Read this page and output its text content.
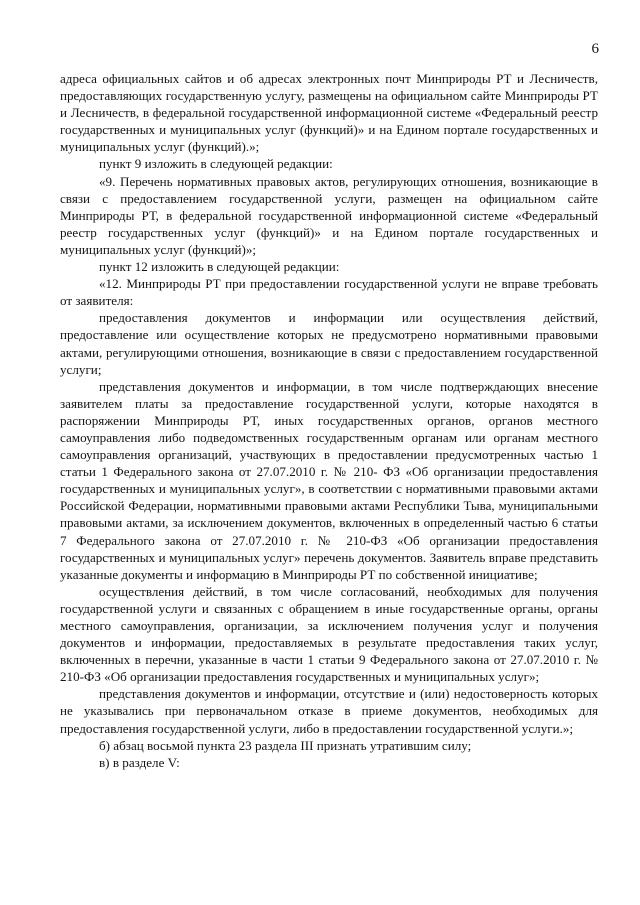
6

адреса официальных сайтов и об адресах электронных почт Минприроды РТ и Лесничеств, предоставляющих государственную услугу, размещены на официальном сайте Минприроды РТ и Лесничеств, в федеральной государственной информационной системе «Федеральный реестр государственных и муниципальных услуг (функций)» и на Едином портале государственных и муниципальных услуг (функций).»;

пункт 9 изложить в следующей редакции:

«9. Перечень нормативных правовых актов, регулирующих отношения, возникающие в связи с предоставлением государственной услуги, размещен на официальном сайте Минприроды РТ, в федеральной государственной информационной системе «Федеральный реестр государственных услуг (функций)» и на Едином портале государственных и муниципальных услуг (функций)»;

пункт 12 изложить в следующей редакции:

«12. Минприроды РТ при предоставлении государственной услуги не вправе требовать от заявителя:

предоставления документов и информации или осуществления действий, предоставление или осуществление которых не предусмотрено нормативными правовыми актами, регулирующими отношения, возникающие в связи с предоставлением государственной услуги;

представления документов и информации, в том числе подтверждающих внесение заявителем платы за предоставление государственной услуги, которые находятся в распоряжении Минприроды РТ, иных государственных органов, органов местного самоуправления либо подведомственных государственным органам или органам местного самоуправления организаций, участвующих в предоставлении предусмотренных частью 1 статьи 1 Федерального закона от 27.07.2010 г. № 210- ФЗ «Об организации предоставления государственных и муниципальных услуг», в соответствии с нормативными правовыми актами Российской Федерации, нормативными правовыми актами Республики Тыва, муниципальными правовыми актами, за исключением документов, включенных в определенный частью 6 статьи 7 Федерального закона от 27.07.2010 г. № 210-ФЗ «Об организации предоставления государственных и муниципальных услуг» перечень документов. Заявитель вправе представить указанные документы и информацию в Минприроды РТ по собственной инициативе;

осуществления действий, в том числе согласований, необходимых для получения государственной услуги и связанных с обращением в иные государственные органы, органы местного самоуправления, организации, за исключением получения услуг и получения документов и информации, предоставляемых в результате предоставления таких услуг, включенных в перечни, указанные в части 1 статьи 9 Федерального закона от 27.07.2010 г. № 210-ФЗ «Об организации предоставления государственных и муниципальных услуг»;

представления документов и информации, отсутствие и (или) недостоверность которых не указывались при первоначальном отказе в приеме документов, необходимых для предоставления государственной услуги, либо в предоставлении государственной услуги.»;

б) абзац восьмой пункта 23 раздела III признать утратившим силу;

в) в разделе V:
